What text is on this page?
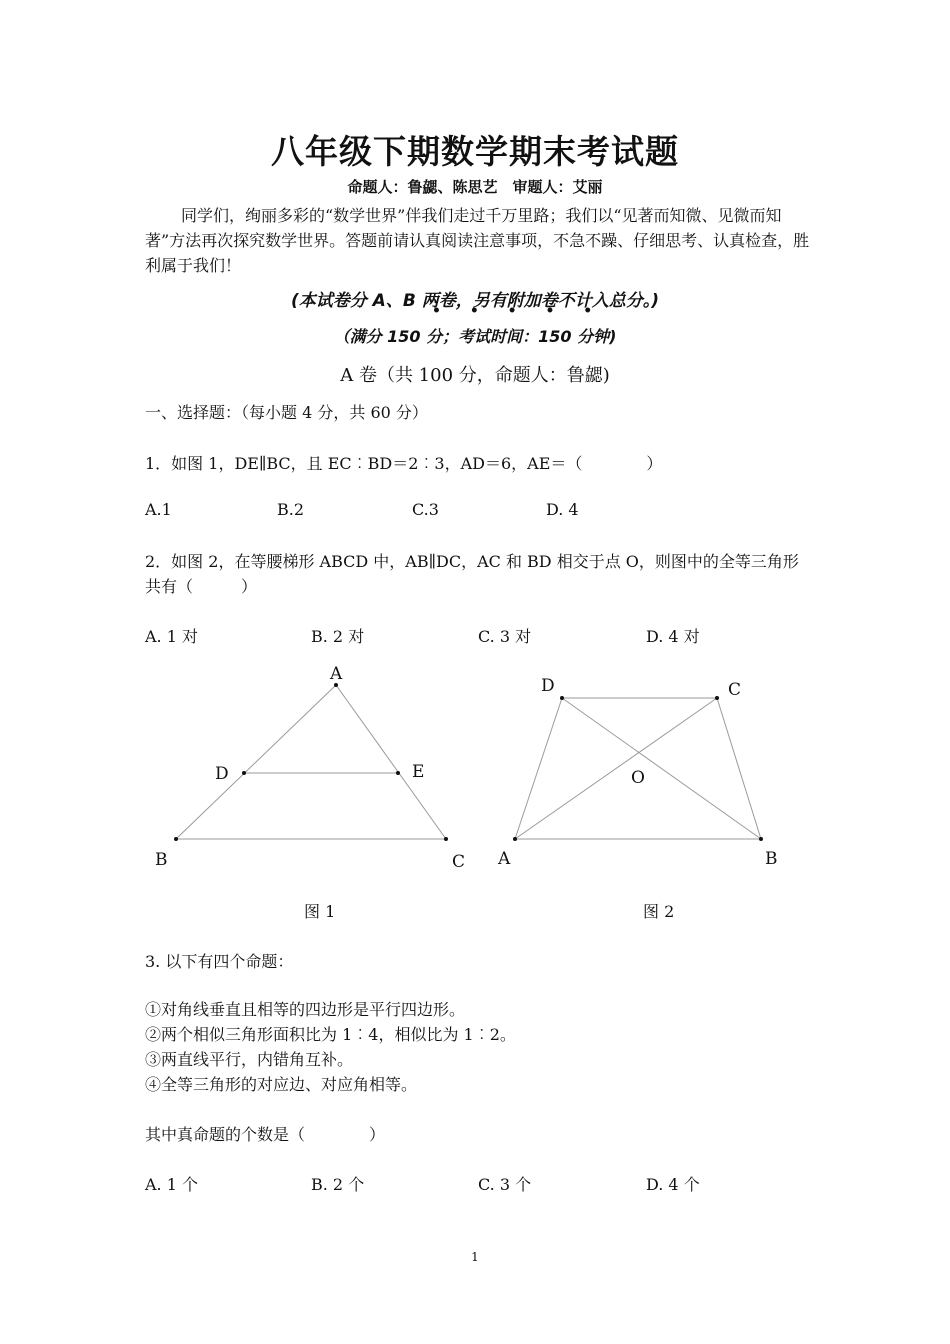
八年级下期数学期末考试题
命题人：鲁勰、陈思艺　审题人：艾丽
同学们，绚丽多彩的“数学世界”伴我们走过千万里路；我们以“见著而知微、见微而知著”方法再次探究数学世界。答题前请认真阅读注意事项，不急不躁、仔细思考、认真检查，胜利属于我们！
(本试卷分 A、B 两卷，另有附加卷不计入总分。)
• • • • •
（满分 150 分；考试时间：150 分钟)
A 卷（共 100 分，命题人：鲁勰)
一、选择题：（每小题 4 分，共 60 分）
1．如图 1，DE∥BC，且 EC︰BD＝2︰3，AD＝6，AE＝（　　　　）
A.1	B.2	C.3	D. 4
2．如图 2，在等腰梯形 ABCD 中，AB∥DC，AC 和 BD 相交于点 O，则图中的全等三角形共有（　　　）
A. 1 对	B. 2 对	C. 3 对	D. 4 对
A
B	C
D	E
D	C
O
A	B
图 1	图 2
3. 以下有四个命题：
①对角线垂直且相等的四边形是平行四边形。
②两个相似三角形面积比为 1︰4，相似比为 1︰2。
③两直线平行，内错角互补。
④全等三角形的对应边、对应角相等。
其中真命题的个数是（　　　　）
A. 1 个	B. 2 个	C. 3 个	D. 4 个
1
